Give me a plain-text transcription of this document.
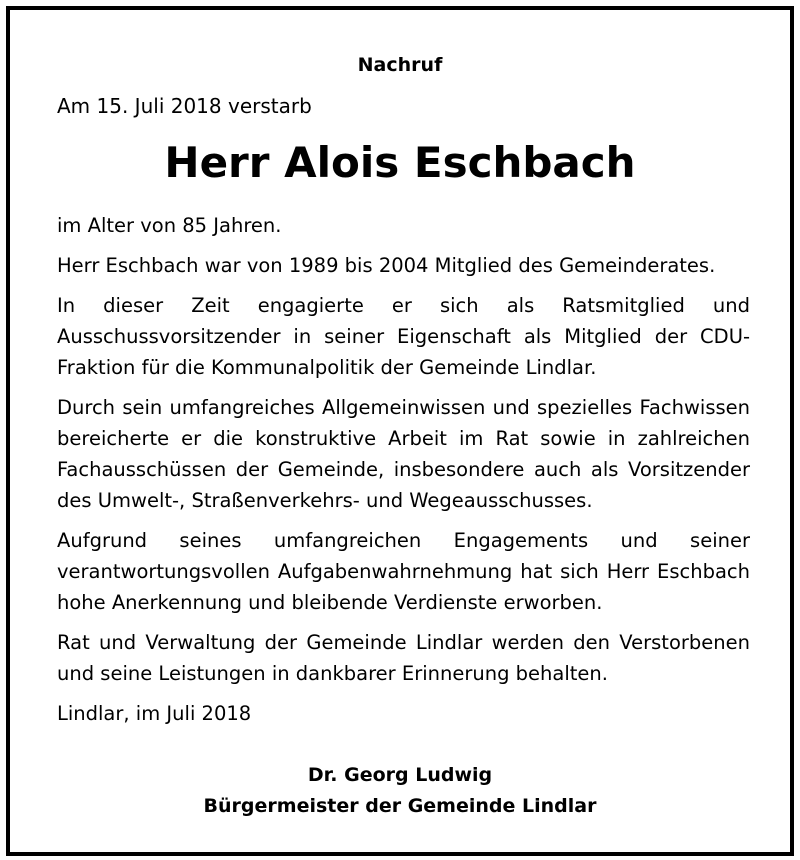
Nachruf
Am 15. Juli 2018 verstarb
Herr Alois Eschbach

im Alter von 85 Jahren.

Herr Eschbach war von 1989 bis 2004 Mitglied des Gemeinderates.

In dieser Zeit engagierte er sich als Ratsmitglied und Ausschussvorsitzender in seiner Eigenschaft als Mitglied der CDU-Fraktion für die Kommunalpolitik der Gemeinde Lindlar.

Durch sein umfangreiches Allgemeinwissen und spezielles Fachwissen bereicherte er die konstruktive Arbeit im Rat sowie in zahlreichen Fachausschüssen der Gemeinde, insbesondere auch als Vorsitzender des Umwelt-, Straßenverkehrs- und Wegeausschusses.

Aufgrund seines umfangreichen Engagements und seiner verantwortungsvollen Aufgabenwahrnehmung hat sich Herr Eschbach hohe Anerkennung und bleibende Verdienste erworben.

Rat und Verwaltung der Gemeinde Lindlar werden den Verstorbenen und seine Leistungen in dankbarer Erinnerung behalten.

Lindlar, im Juli 2018

Dr. Georg Ludwig
Bürgermeister der Gemeinde Lindlar
